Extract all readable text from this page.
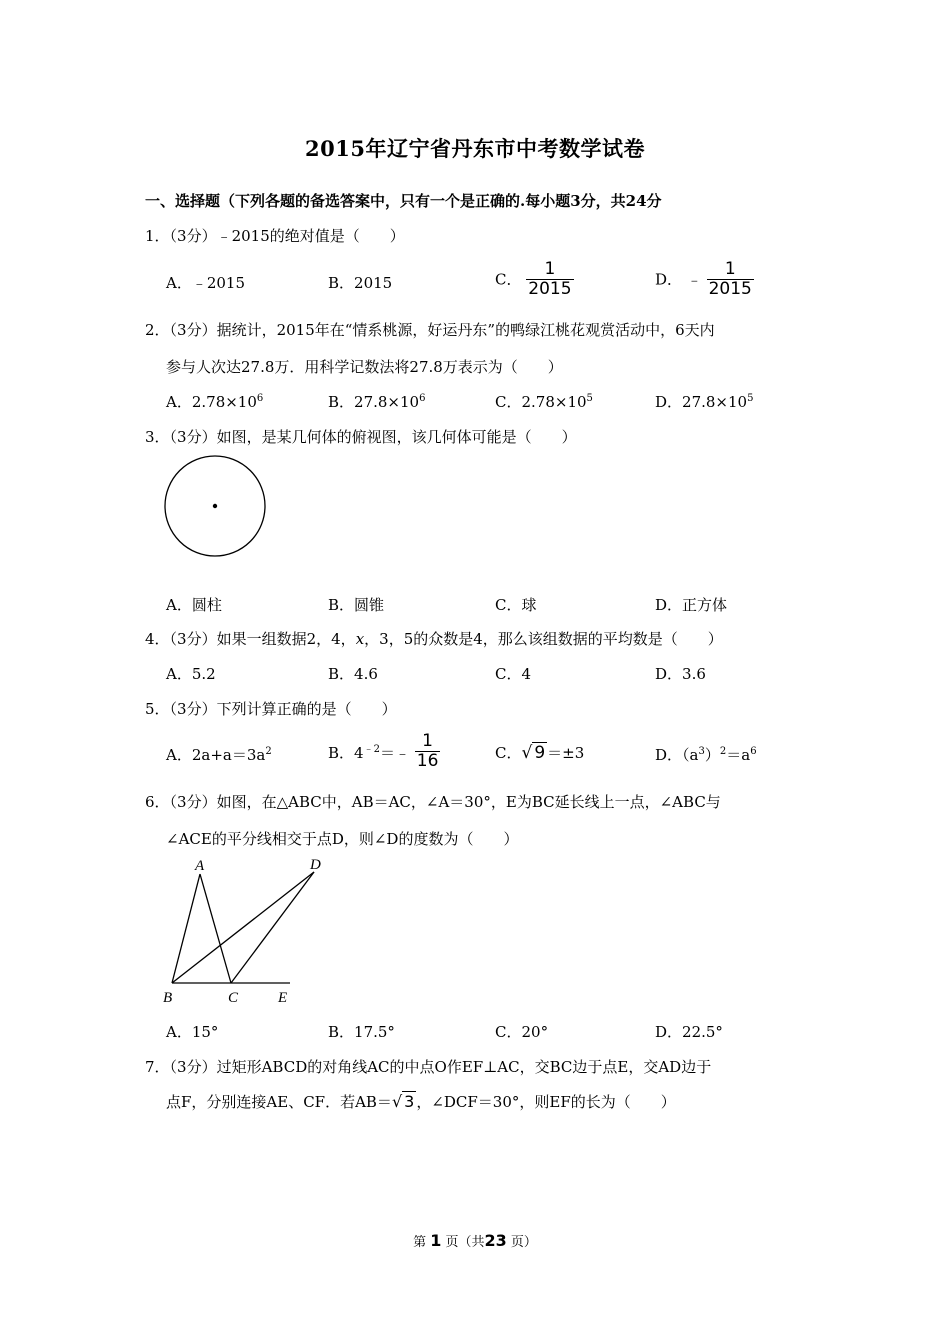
2015年辽宁省丹东市中考数学试卷
一、选择题（下列各题的备选答案中，只有一个是正确的.每小题3分，共24分
1．（3分）﹣2015的绝对值是（　　）
A．﹣2015	B．2015	C． $\frac{1}{2015}$	D． ﹣ $\frac{1}{2015}$
2．（3分）据统计，2015年在“情系桃源，好运丹东”的鸭绿江桃花观赏活动中，6天内
参与人次达27.8万．用科学记数法将27.8万表示为（　　）
A．$2.78\times 10^6$	B．$27.8\times 10^6$	C．$2.78\times 10^5$	D．$27.8\times 10^5$
3．（3分）如图，是某几何体的俯视图，该几何体可能是（　　）
A．圆柱	B．圆锥	C．球	D．正方体
4．（3分）如果一组数据2，4，x，3，5的众数是4，那么该组数据的平均数是（　　）
A．5.2	B．4.6	C．4	D．3.6
5．（3分）下列计算正确的是（　　）
A．$2a+a=3a^2$	B．$4^{﹣2}=﹣ \frac{1}{16}$	C．√ 9 ＝±3	D．$(a^3)^2=a^6$
6．（3分）如图，在△ABC中，AB＝AC，∠A＝30°，E为BC延长线上一点，∠ABC与
∠ACE的平分线相交于点D，则∠D的度数为（　　）
A
B	C
D
E
A．15°	B．17.5°	C．20°	D．22.5°
7．（3分）过矩形ABCD的对角线AC的中点O作EF⊥AC，交BC边于点E，交AD边于
点F，分别连接AE、CF．若AB＝√ 3 ，∠DCF＝30°，则EF的长为（　　）
第 1 页（共23 页）
